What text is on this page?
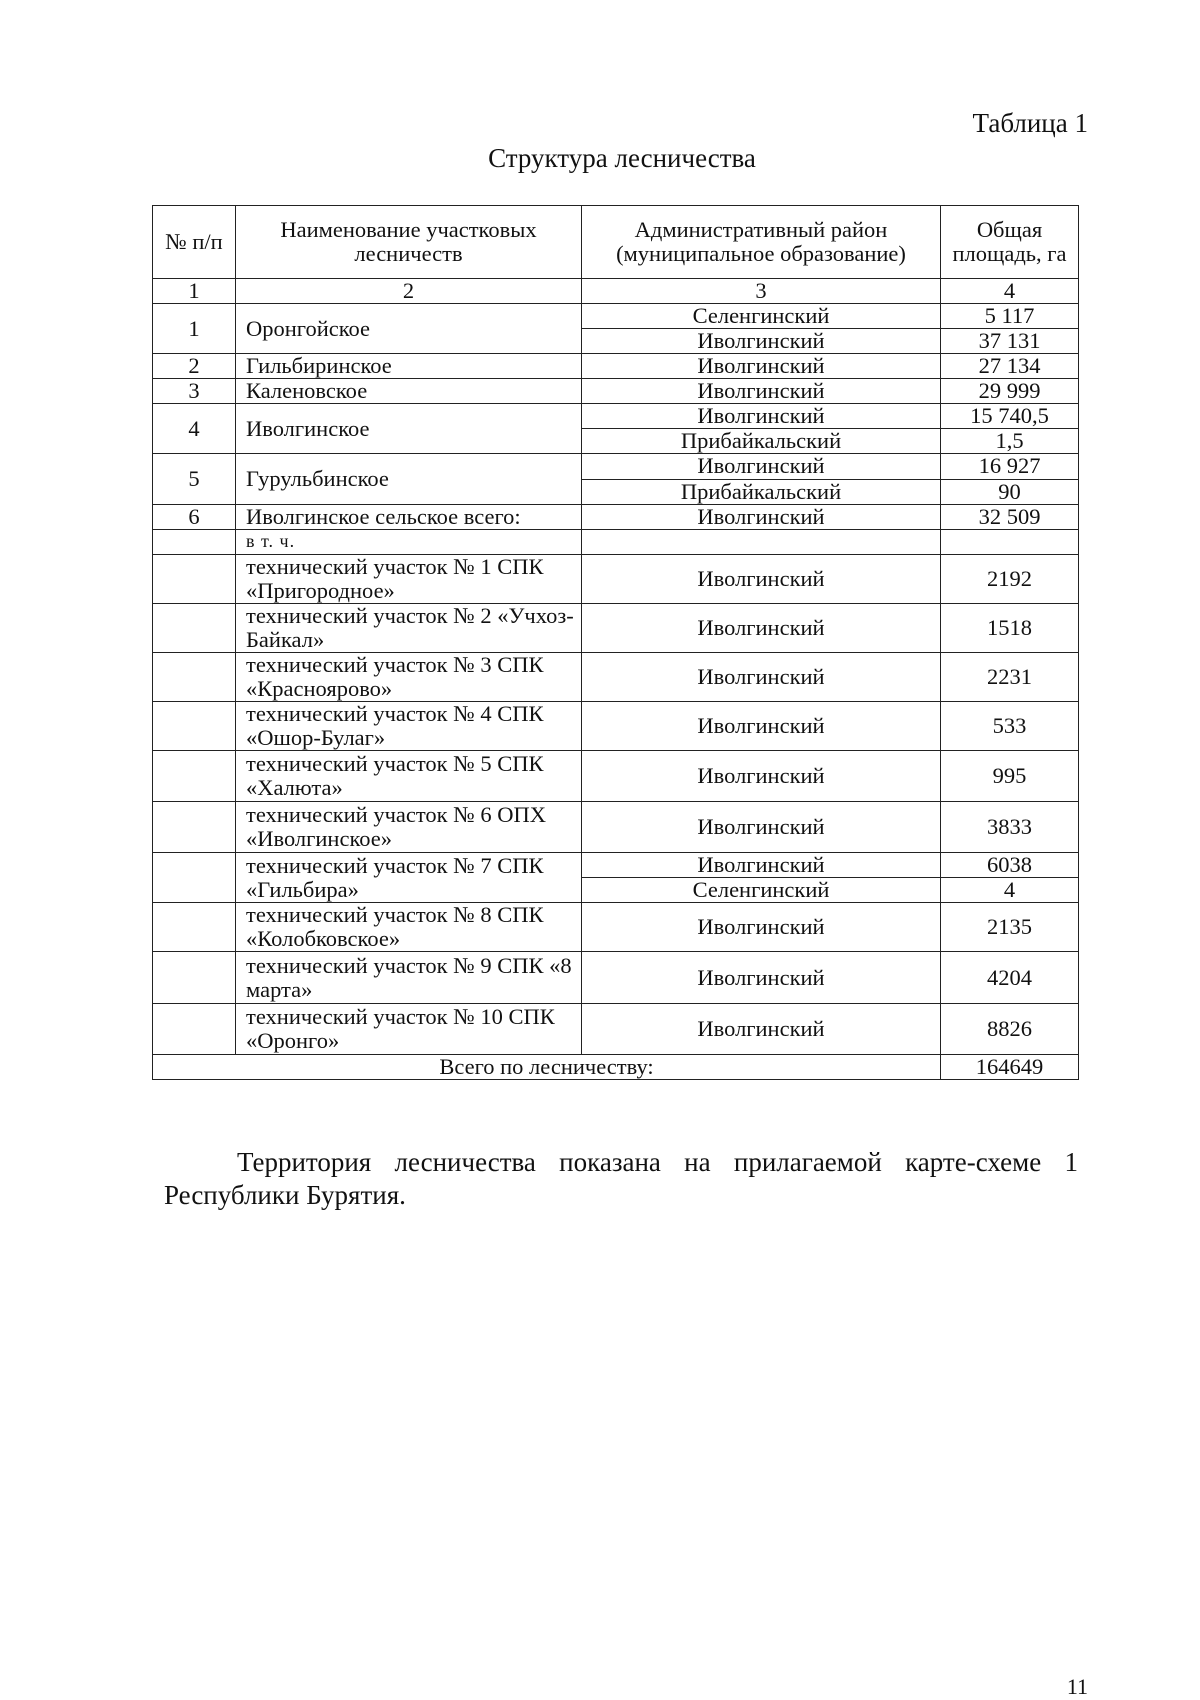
Таблица 1
Структура лесничества
№ п/п	Наименование участковых лесничеств	Административный район (муниципальное образование)	Общая площадь, га
1	2	3	4
1	Оронгойское	Селенгинский	5 117
		Иволгинский	37 131
2	Гильбиринское	Иволгинский	27 134
3	Каленовское	Иволгинский	29 999
4	Иволгинское	Иволгинский	15 740,5
		Прибайкальский	1,5
5	Гурульбинское	Иволгинский	16 927
		Прибайкальский	90
6	Иволгинское сельское всего:	Иволгинский	32 509
	в т. ч.		
	технический участок № 1 СПК «Пригородное»	Иволгинский	2192
	технический участок № 2 «Учхоз-Байкал»	Иволгинский	1518
	технический участок № 3 СПК «Красноярово»	Иволгинский	2231
	технический участок № 4 СПК «Ошор-Булаг»	Иволгинский	533
	технический участок № 5 СПК «Халюта»	Иволгинский	995
	технический участок № 6 ОПХ «Иволгинское»	Иволгинский	3833
	технический участок № 7 СПК «Гильбира»	Иволгинский	6038
		Селенгинский	4
	технический участок № 8 СПК «Колобковское»	Иволгинский	2135
	технический участок № 9 СПК «8 марта»	Иволгинский	4204
	технический участок № 10 СПК «Оронго»	Иволгинский	8826
Всего по лесничеству:			164649
Территория лесничества показана на прилагаемой карте-схеме 1 Республики Бурятия.
11
